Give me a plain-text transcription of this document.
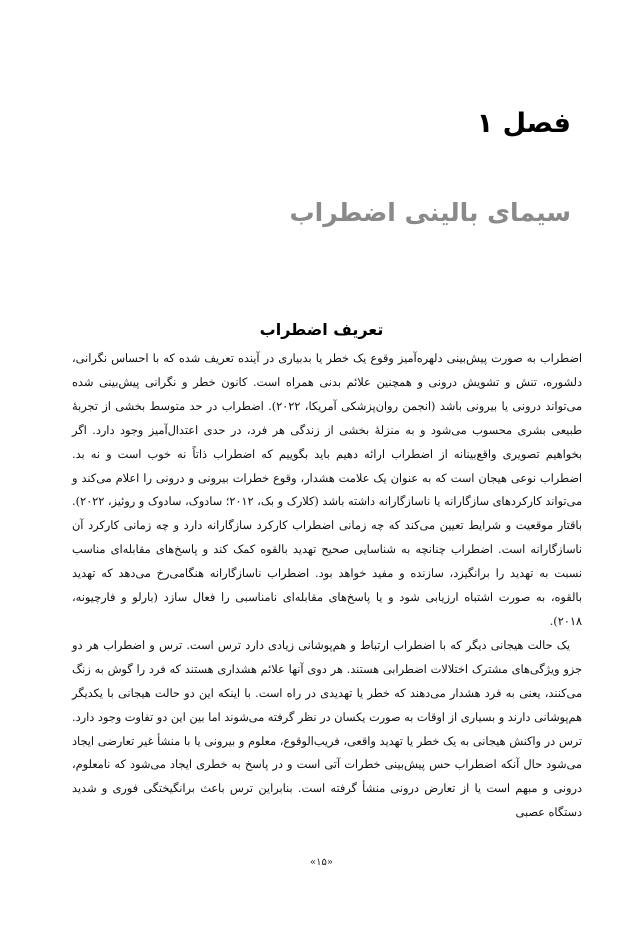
فصل ۱
سیمای بالینی اضطراب
تعریف اضطراب

اضطراب به صورت پیش‌بینی دلهره‌آمیز وقوع یک خطر یا بدبیاری در آینده تعریف شده که با احساس نگرانی، دلشوره، تنش و تشویش درونی و همچنین علائم بدنی همراه است. کانون خطر و نگرانی پیش‌بینی شده می‌تواند درونی یا بیرونی باشد (انجمن روان‌پزشکی آمریکا، ۲۰۲۲). اضطراب در حد متوسط بخشی از تجربهٔ طبیعی بشری محسوب می‌شود و به منزلهٔ بخشی از زندگی هر فرد، در حدی اعتدال‌آمیز وجود دارد. اگر بخواهیم تصویری واقع‌بینانه از اضطراب ارائه دهیم باید بگوییم که اضطراب ذاتاً نه خوب است و نه بد. اضطراب نوعی هیجان است که به عنوان یک علامت هشدار، وقوع خطرات بیرونی و درونی را اعلام می‌کند و می‌تواند کارکردهای سازگارانه یا ناسازگارانه داشته باشد (کلارک و بک، ۲۰۱۲؛ سادوک، سادوک و روئیز، ۲۰۲۲). باقتار موقعیت و شرایط تعیین می‌کند که چه زمانی اضطراب کارکرد سازگارانه دارد و چه زمانی کارکرد آن ناسازگارانه است. اضطراب چنانچه به شناسایی صحیح تهدید بالقوه کمک کند و پاسخ‌های مقابله‌ای مناسب نسبت به تهدید را برانگیزد، سازنده و مفید خواهد بود. اضطراب ناسازگارانه هنگامی‌رخ می‌دهد که تهدید بالقوه، به صورت اشتباه ارزیابی شود و یا پاسخ‌های مقابله‌ای نامناسبی را فعال سازد (بارلو و فارچیونه، ۲۰۱۸).

یک حالت هیجانی دیگر که با اضطراب ارتباط و هم‌پوشانی زیادی دارد ترس است. ترس و اضطراب هر دو جزو ویژگی‌های مشترک اختلالات اضطرابی هستند. هر دوی آنها علائم هشداری هستند که فرد را گوش به زنگ می‌کنند، یعنی به فرد هشدار می‌دهند که خطر یا تهدیدی در راه است. با اینکه این دو حالت هیجانی با یکدیگر هم‌پوشانی دارند و بسیاری از اوقات به صورت یکسان در نظر گرفته می‌شوند اما بین این دو تفاوت وجود دارد. ترس در واکنش هیجانی به یک خطر یا تهدید واقعی، فریب‌الوقوع، معلوم و بیرونی یا با منشأ غیر تعارضی ایجاد می‌شود حال آنکه اضطراب حس پیش‌بینی خطرات آتی است و در پاسخ به خطری ایجاد می‌شود که نامعلوم، درونی و مبهم است یا از تعارض درونی منشأ گرفته است. بنابراین ترس باعث برانگیختگی فوری و شدید دستگاه عصبی

«۱۵»
